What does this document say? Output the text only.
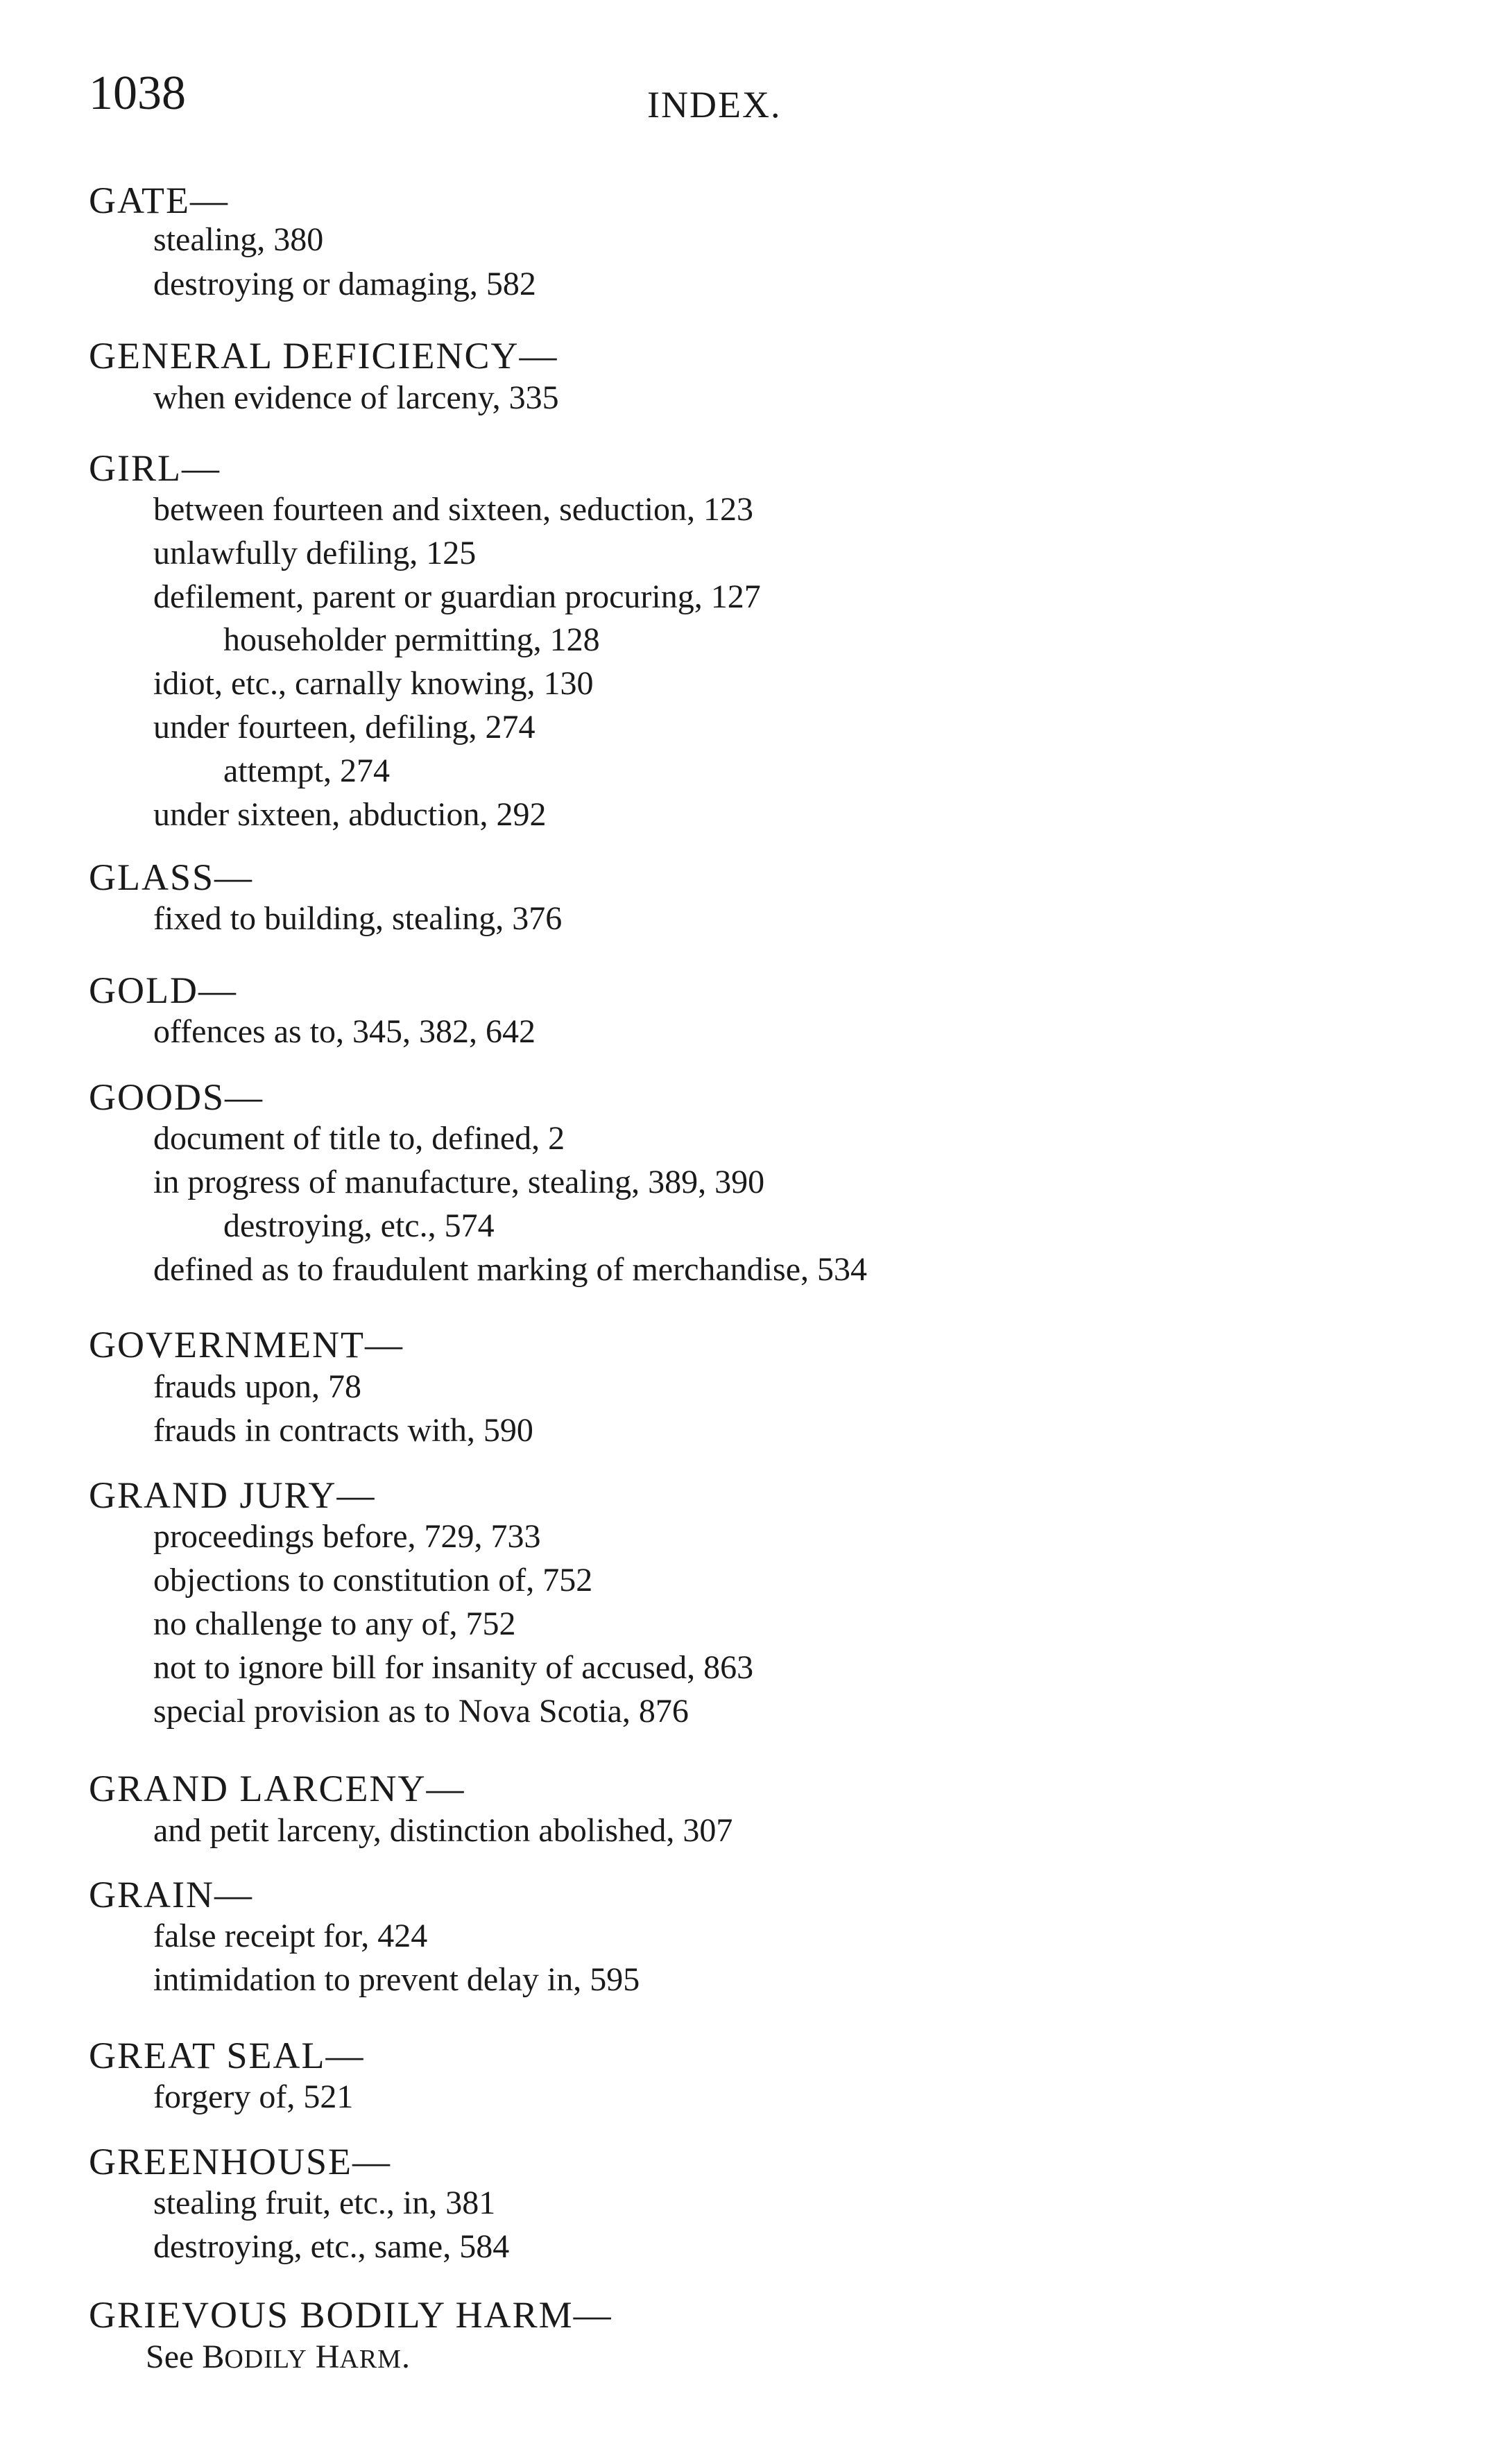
1038	INDEX.
GATE—
stealing, 380
destroying or damaging, 582
GENERAL DEFICIENCY—
when evidence of larceny, 335
GIRL—
between fourteen and sixteen, seduction, 123
unlawfully defiling, 125
defilement, parent or guardian procuring, 127
householder permitting, 128
idiot, etc., carnally knowing, 130
under fourteen, defiling, 274
attempt, 274
under sixteen, abduction, 292
GLASS—
fixed to building, stealing, 376
GOLD—
offences as to, 345, 382, 642
GOODS—
document of title to, defined, 2
in progress of manufacture, stealing, 389, 390
destroying, etc., 574
defined as to fraudulent marking of merchandise, 534
GOVERNMENT—
frauds upon, 78
frauds in contracts with, 590
GRAND JURY—
proceedings before, 729, 733
objections to constitution of, 752
no challenge to any of, 752
not to ignore bill for insanity of accused, 863
special provision as to Nova Scotia, 876
GRAND LARCENY—
and petit larceny, distinction abolished, 307
GRAIN—
false receipt for, 424
intimidation to prevent delay in, 595
GREAT SEAL—
forgery of, 521
GREENHOUSE—
stealing fruit, etc., in, 381
destroying, etc., same, 584
GRIEVOUS BODILY HARM—
See BODILY HARM.
